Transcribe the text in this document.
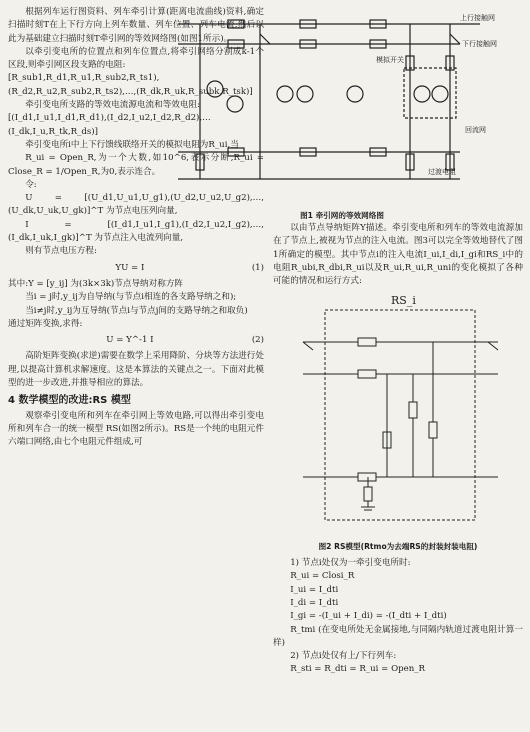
根据列车运行图资料、列车牵引计算(距离电流曲线)资料,确定扫描时刻T在上下行方向上列车数量、列车位置、列车电流,然后以此为基础建立扫描时刻T牵引网的等效网络图(如图1所示)。

以牵引变电所的位置点和列车位置点,将牵引网络分割成k-1个区段,则牵引网区段支路的电阻:

[R_sub1,R_d1,R_u1,R_sub2,R_ts1),(R_d2,R_u2,R_sub2,R_ts2),…,(R_dk,R_uk,R_subk,R_tsk)]

牵引变电所支路的等效电流源电流和等效电阻:

[(I_d1,I_u1,I_d1,R_d1),(I_d2,I_u2,I_d2,R_d2),…(I_dk,I_u,R_tk,R_ds)]

牵引变电所i中上下行馈线联络开关的模拟电阻为R_ui,当

R_ui = Open_R,为一个大数,如10^6,表示分断,R_ui = Close_R = 1/Open_R,为0,表示连合。

令:

U = [(U_d1,U_u1,U_g1),(U_d2,U_u2,U_g2),…,(U_dk,U_uk,U_gk)]^T 为节点电压列向量,

I = [(I_d1,I_u1,I_g1),(I_d2,I_u2,I_g2),…,(I_dk,I_uk,I_gk)]^T 为节点注入电流列向量,

则有节点电压方程:

YU = I	(1)

其中:Y = [y_ij] 为(3k×3k)节点导纳对称方阵

当i = j时,y_ij为自导纳(与节点i相连的各支路导纳之和);

当i≠j时,y_ij为互导纳(节点i与节点j间的支路导纳之和取负)

通过矩阵变换,求得:

U = Y^-1 I	(2)

高阶矩阵变换(求逆)需要在数学上采用降阶、分块等方法进行处理,以提高计算机求解速度。这是本算法的关键点之一。下面对此模型的进一步改进,并推导相应的算法。

4 数学模型的改进:RS 模型

观察牵引变电所和列车在牵引网上等效电路,可以得出牵引变电所和列车合一的统一模型 RS(如图2所示)。RS是一个纯的电阻元件六端口网络,由七个电阻元件组成,可

上行接触网
下行接触网
模拟开关
回流网
过渡电阻
图1 牵引网的等效网络图

以由节点导纳矩阵Y描述。牵引变电所和列车的等效电流源加在了节点上,被视为节点的注入电流。图3可以完全等效地替代了图1所确定的模型。其中节点i的注入电流I_ui,I_di,I_gi和RS_i中的电阻R_ubi,R_dbi,R_ui以及R_ui,R_ui,R_uni的变化模拟了各种可能的情况和运行方式:

RS_i
图2 RS模型(Rtmo为去端RS的封装封装电阻)

1) 节点i处仅为一牵引变电所时:

R_ui = Closi_R

I_ui = I_dti

I_di = I_dti

I_gi = -(I_ui + I_di) = -(I_dti + I_dti)

R_tmi (在变电所处无金属接地,与同隔内轨道过渡电阻计算一样)

2) 节点i处仅有上/下行列车:

R_sti = R_dti = R_ui = Open_R
